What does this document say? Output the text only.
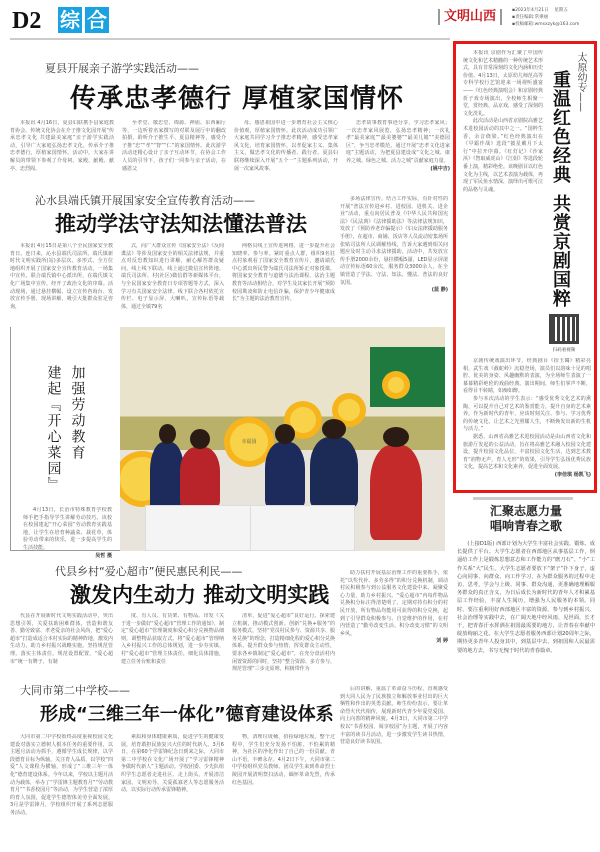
D2 综 合	文明山西	▪2023年4月21日 星期五
▪责任编辑:常乘丽
▪投稿邮箱:wmsxzyk@163.com
夏县开展亲子游学实践活动——
传承忠孝德行 厚植家国情怀

本报讯 4月16日，夏县妇联携手县家庭教育协会、传统文化协会在介子推文化园开展“传承忠孝文化 共建最美家庭”亲子游学实践活动，引导广大家庭弘扬忠孝文化，传承介子推忠孝德行，厚植家国情怀。活动中，大家在讲解员的带领下参观了介母祠、家殿、献殿、献亭、忠烈阁、

至孝堂、敬忠堂、绵源、神庙、东西厢厅等，一边听着名家撰写的对联及展厅中的翻改拍摄，聆听介子推生平、夏县精神等，感受介子推“忠”“孝”“智”“仁”的家国情怀。此次游学活动还精心设计了亲子互动环节，在协会工作人员的引导下，孩子们一同参与亲子活动，在感恩父

母、感恩祖国中进一步增育社会主义核心价值观，厚植家国情怀。此次活动成功引领广大家庭共同学习介子推忠孝精神，感受忠孝家风文化，培育家国情怀，以孝促家主义、集体主义，做忠孝文化的传播者、践行者。夏县妇联将继续深入开展“五个一”主题系列活动，开展一次家风故事、

忠孝故事教育事迹分享，学习忠孝家风；一次忠孝家风展览，弘扬忠孝精神；一次礼孝“最美家庭”“最美婆婆”“最美儿媳”“美德园区”，争当忠孝模范。通过开展“忠孝文化进家庭”主题活动，为把夏县建设成“文化之城、康养之城、绿色之城、活力之城”贡献家庭力量。

(姚中吉)
沁水县端氏镇开展国家安全宣传教育活动——
推动学法守法知法懂法普法

本报讯 4月15日是第八个全民国家安全教育日。连日来，沁水县端氏司法所、端氏镇新时代文明实践所(站)多层次、多形式、全方位地组织开展了国家安全宣传教育活动。一场集中宣传。联合端氏镇中心派出所，在端氏镇文化广场集中宣传，经开了政治文化的序幕。活动现场，通过悬挂横幅、设立宣传咨询台、发放宣传手册、现场讲解，吸引大批群众驻足咨询，

式，向广大群众宣传《国家安全法》《反间谍法》等涉及国家安全的相关法律法规，并重点对反恐教知识进行讲解，耐心解答群众疑问。线上线下联动。线上通过微信宣传阵地、端氏司法所、村(社区)微信群等新媒体平台，与全民国家安全教育日专项答题等方式，深入学习有关国家安全法律。线下联合各村依托宣传栏、电子显示屏、大喇叭，宣传标语等载体，通过全镇79名

网格员线上宣传进网格，进一步提升社会知晓率、参与率。紧盯重点人群，组织9名驻点村象观看了国家安全教育宣传片，邀请端氏中心派出所民警为端氏司法所矫正对象授课，将国家安全教育与道德与法治课程、法治主题教育等活动相结合，对学生及其家长开展“预防校园欺凌和防止电信诈骗，保护青少年健康成长”为主题的法治教育宣传。

多场法律宣传。结合工作实际，有针对性的开展“普法宣传进乡村、进校园、进机关、进企业”活动，重点向居民普及《中华人民共和国宪法》《民法典》《法律援助法》等法律法规知识，发放了《预防养老诈骗提示》《妇女法律援助服务手册》，在超市、商铺、饭店等人员流动密集场所张贴司法所人民调解热线，告诉大家遇到相关问题应及时主动寻求法律援助。活动中，共发放宣传手册2000余份，悬挂横幅5副，LED显示屏滚动宣传标语60余次，服务群众3000余人，在全镇营造了学法、守法、知法、懂法、普法的良好氛围。

(蓝 静)
加强劳动教育
建起『开心菜园』

4月13日，长治市特殊教育学校教师手把手指导学生讲解劳动技巧。该校在校园建起“开心菜园”劳动教育实践基地，让学生在培育种蔬菜、栽花草，体验劳动带来的快乐，进一步提高学生的生活技能。

吴哲 摄
幸福园
代县乡村“爱心超市”便民惠民利民——
激发内生动力 推动文明实践

代县在开展新时代文明实践活动中，突出思想引领，关爱扶助困难群体，营造和谐友善、勤劳致富、孝老爱亲的社会风尚，把“爱心超市”打造成适合本村实际的精神阵地，激发内生动力，助力乡村振兴战略实施。坚持规范管理，落实主体责任。规范设置配置，“爱心超市”统一有牌子、有制

度、有人员、有货架、有物品。印发《关于进一步做好“爱心超市”管理工作的通知》，制定“爱心超市”管理制度和爱心积分兑换物品细则，调整物品获取方式。将“爱心超市”管理纳入乡村振兴工作的总体规划，进一步夯实镇、村“爱心超市”管理主体责任，细化具体措施，建立任务台账和责任

清单，促进“爱心超市”良好运行。探索建立机制，推动模式创新。创新“兑换+服务”的服务模式，坚持“党员村民参与、资源共享、服务兑换”的理念，打造精细化程的爱心积分兑换体系，提升群众参与热情，挥发群众主动性，要求各乡镇制定“爱心超市”，在充分盘活村内闲置资源的同时，坚持“整合资源、多方参与、规范管理”三步走原则，积极带作为

助力扶村开展基层治理工作的重要抓手，依托“以奖代补、多劳多得”的积分兑换机制，调动村民积极参与到公益服务文化建设中来。凝聚爱心力量，助力乡村振兴。“爱心超市”内每件物品兑换积分标注得清楚明了，定期对持有积分的村民开放，所有物品均能用可获得的积分兑换，起到了引导群众积极参与、自觉维护的作用，在村内营造了“勤劳改变生活、积分改变习惯”的文明乡风。

刘 婷
大同市第二中学校——
形成“三维三年一体化”德育建设体系

大同市第二中学校始终高度重视校园文化建设对落实立德树人根本任务的重要作用，以主题月活动为抓手，遵循学生成长规律，以学段德育目标为纵轴，关注育人品质，以学校“四爱”人文课程为横轴，形成了“三维三年一体化”德育建设体系。今年以来，学校以主题月活动为载体，举办了“学雷锋主题教育月”“劳动教育月”“书香校园月”等活动，为学生营造了浓厚的育人氛围，促进学生德智体美劳全面发展。3月是学雷锋月，学校组织开展了系列志愿服务活动。

素质和身体健康素质，促进学生的健康发展，培育敢担民族复兴大任的时代新人。3月6日，在第60个学雷锋纪念日到来之际，大同市第二中学校在文化广场开展了“学习雷锋精神 争做时代新人”主题活动。学校团委、少先队组织学生志愿者走进社区、走上街头，开展清洁家园、文明劝导、关爱孤寡老人等志愿服务活动，以实际行动传承雷锋精神。

物，清理垃圾桶，拾捡绿地垃圾。整个过程中，学生们充分发扬不怕脏、不怕累的精神，为社区的净化作出了自己的一份贡献。青山不语，丰碑永存。4月2日下午，大同市第二中学校组织党员教师、团员学生来到革命烈士陵园开展清明祭扫活动，缅怀革命先烈，传承红色基因。

后的讲解，重温了革命奋斗历程，直观感受到大同人民为了民族独立和解放事业付出的巨大牺牲和作出的英勇贡献。师生纷纷表示，要让革命烈火代代相传，展现新时代青少年爱党爱国、向上向善的精神风貌。4月3日，大同市第二中学校以“书香校园，阅享校园”为主题，开展了内容丰富的读书月活动，进一步激发学生读书热情，营造良好读书氛围。

太原幼专——
重温红色经典共赏京剧国粹
扫码看视频

本报讯 京剧作为汇聚了中国传统文化和艺术精髓的一种传统艺术形式，具有非常深刻的文化内涵和历史价值。4月13日，太原幼儿师范高等专科学校行艺馆迎来一场视听盛宴——《红色经典演唱会》和京剧经典折子戏专场演出，全校师生相聚一堂，赏经典、品京戏，感受了深刻的文化洗礼。

此次活动是山西省京剧院高雅艺术进校园活动的其中之一。“国粹生香，余音绕梁。”红色经典演出在《早霸作战》选段“披星戴月下太行”中拉开序幕。《红灯记》《沙家浜》《智取威虎山》《江姐》等选段轮番上演，精彩绝伦。该晚剧目以红色文化为主线，以艺术表演为载体，再现了军民鱼水情深，演绎出可歌可泣的品格与灵魂。

京剧传统戏演出环节，经典剧目《拾玉镯》精彩亮相，武生戏《截蛇岭》沉稳登场，演员们以韵味十足的唱腔、优美的身姿、风趣幽默的表演，为全场师生表演了一幕幕精彩绝伦的戏曲经典。演出期间，师生们掌声不断，看得目不转睛，如痴如醉。

参与本次活动的学生表示：“感受优秀文化艺术的熏陶，可以提升自己对艺术的鉴赏能力，提升自身的艺术素养。作为新时代的青年，应该时刻关注、参与、学习优秀的传统文化，让艺术之光照耀人生，不断焕发出新的生机与活力。”

据悉，山西省高雅艺术进校园活动是由山西省文化和旅游厅发起的公益活动，旨在将高雅艺术融入校园文化建设，提升校园文化品位，丰富校园文化生活，达到艺术教育“润物无声，育人无形”的效果，引导学生弘扬优秀民族文化，提高艺术和文化素养，促进全面发展。

(李佳琪 杨凯飞)
汇聚志愿力量
唱响青春之歌

(上接D1版) 西部计划为大学生丰富社会实践、锻炼、成长提供了平台。大学生志愿者在西部地区从事基层工作，倒逼给工作上是锻炼思想意志和工作能力的“磨刀石”。“小”工作关系“大”民生，大学生志愿者要放下“架子”扑下身子，虚心向同事、向群众、向工作学习，在为群众服务的过程中走访、思考，学会与上级、同事、群众沟通，更准确地理解服务群众的真正含义，为日后成长为新时代的青年人才积累基层工作经验，丰富人生阅历，增强为人民服务的本领。同时，要注重利用好西部地区丰富的资源，参与到乡村振兴、社会治理等实践中去，在广阔天地中经风雨、见世面、长才干，把青春汗水挥洒在祖国最需要的地方，让青春在奉献中绽放绚丽之花。在大学生志愿者服务西部计划20周年之际，期待更多青年人投身其中，到基层中去、到祖国和人民最需要的地方去，书写无愧于时代的青春篇章。
